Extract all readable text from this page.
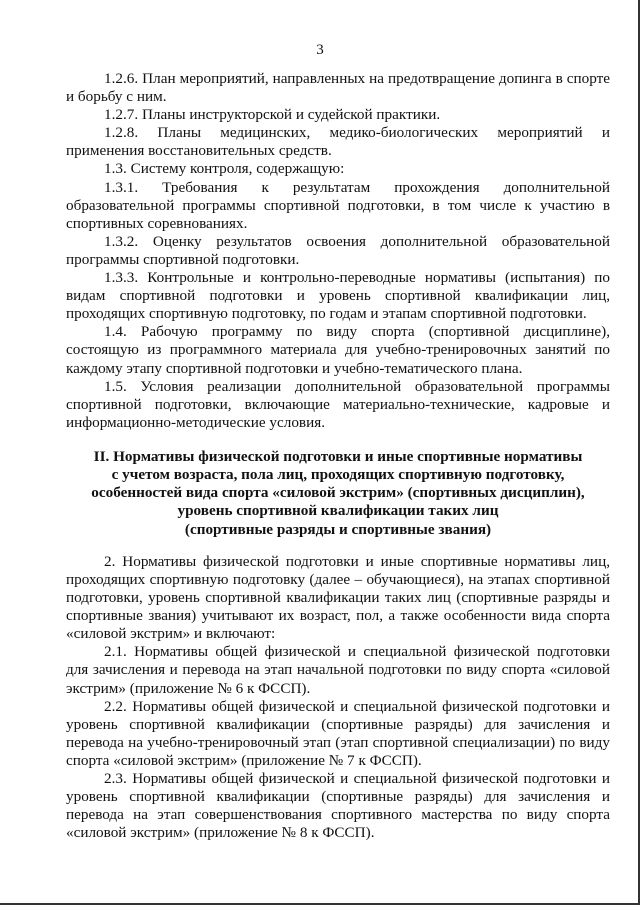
3

1.2.6. План мероприятий, направленных на предотвращение допинга в спорте и борьбу с ним.

1.2.7. Планы инструкторской и судейской практики.

1.2.8. Планы медицинских, медико-биологических мероприятий и применения восстановительных средств.

1.3. Систему контроля, содержащую:

1.3.1. Требования к результатам прохождения дополнительной образовательной программы спортивной подготовки, в том числе к участию в спортивных соревнованиях.

1.3.2. Оценку результатов освоения дополнительной образовательной программы спортивной подготовки.

1.3.3. Контрольные и контрольно-переводные нормативы (испытания) по видам спортивной подготовки и уровень спортивной квалификации лиц, проходящих спортивную подготовку, по годам и этапам спортивной подготовки.

1.4. Рабочую программу по виду спорта (спортивной дисциплине), состоящую из программного материала для учебно-тренировочных занятий по каждому этапу спортивной подготовки и учебно-тематического плана.

1.5. Условия реализации дополнительной образовательной программы спортивной подготовки, включающие материально-технические, кадровые и информационно-методические условия.

II. Нормативы физической подготовки и иные спортивные нормативы
с учетом возраста, пола лиц, проходящих спортивную подготовку,
особенностей вида спорта «силовой экстрим» (спортивных дисциплин),
уровень спортивной квалификации таких лиц
(спортивные разряды и спортивные звания)

2. Нормативы физической подготовки и иные спортивные нормативы лиц, проходящих спортивную подготовку (далее – обучающиеся), на этапах спортивной подготовки, уровень спортивной квалификации таких лиц (спортивные разряды и спортивные звания) учитывают их возраст, пол, а также особенности вида спорта «силовой экстрим» и включают:

2.1. Нормативы общей физической и специальной физической подготовки для зачисления и перевода на этап начальной подготовки по виду спорта «силовой экстрим» (приложение № 6 к ФССП).

2.2. Нормативы общей физической и специальной физической подготовки и уровень спортивной квалификации (спортивные разряды) для зачисления и перевода на учебно-тренировочный этап (этап спортивной специализации) по виду спорта «силовой экстрим» (приложение № 7 к ФССП).

2.3. Нормативы общей физической и специальной физической подготовки и уровень спортивной квалификации (спортивные разряды) для зачисления и перевода на этап совершенствования спортивного мастерства по виду спорта «силовой экстрим» (приложение № 8 к ФССП).
